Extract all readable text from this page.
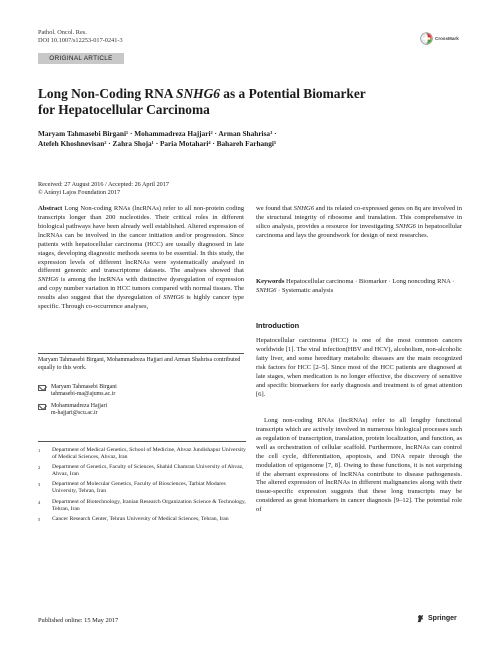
Pathol. Oncol. Res.
DOI 10.1007/s12253-017-0241-3	CrossMark
ORIGINAL ARTICLE
Long Non-Coding RNA SNHG6 as a Potential Biomarker
for Hepatocellular Carcinoma
Maryam Tahmasebi Birgani¹ · Mohammadreza Hajjari² · Arman Shahrisa³ ·
Atefeh Khoshnevisan² · Zahra Shoja¹ · Paria Motahari⁴ · Bahareh Farhangi⁵
Received: 27 August 2016 / Accepted: 26 April 2017
© Arányi Lajos Foundation 2017
Abstract Long Non-coding RNAs (lncRNAs) refer to all non-protein coding transcripts longer than 200 nucleotides. Their critical roles in different biological pathways have been already well established. Altered expression of lncRNAs can be involved in the cancer initiation and/or progression. Since patients with hepatocellular carcinoma (HCC) are usually diagnosed in late stages, developing diagnostic methods seems to be essential. In this study, the expression levels of different lncRNAs were systematically analysed in different genomic and transcriptome datasets. The analyses showed that SNHG6 is among the lncRNAs with distinctive dysregulation of expression and copy number variation in HCC tumors compared with normal tissues. The results also suggest that the dysregulation of SNHG6 is highly cancer type specific. Through co-occurrence analyses,
Maryam Tahmasebi Birgani, Mohammadreza Hajjari and Arman Shahrisa contributed equally to this work.
Maryam Tahmasebi Birgani
tahmasebi-ma@ajums.ac.ir
Mohammadreza Hajjari
m-hajjari@scu.ac.ir
1	Department of Medical Genetics, School of Medicine, Ahvaz Jundishapur University of Medical Sciences, Ahvaz, Iran
2	Department of Genetics, Faculty of Sciences, Shahid Chamran University of Ahvaz, Ahvaz, Iran
3	Department of Molecular Genetics, Faculty of Biosciences, Tarbiat Modares University, Tehran, Iran
4	Department of Biotechnology, Iranian Research Organization Science & Technology, Tehran, Iran
5	Cancer Research Center, Tehran University of Medical Sciences, Tehran, Iran
we found that SNHG6 and its related co-expressed genes on 8q are involved in the structural integrity of ribosome and translation. This comprehensive in silico analysis, provides a resource for investigating SNHG6 in hepatocellular carcinoma and lays the groundwork for design of next researches.
Keywords Hepatocellular carcinoma · Biomarker · Long noncoding RNA · SNHG6 · Systematic analysis
Introduction
Hepatocellular carcinoma (HCC) is one of the most common cancers worldwide [1]. The viral infection(HBV and HCV), alcoholism, non-alcoholic fatty liver, and some hereditary metabolic diseases are the main recognized risk factors for HCC [2–5]. Since most of the HCC patients are diagnosed at late stages, when medication is no longer effective, the discovery of sensitive and specific biomarkers for early diagnosis and treatment is of great attention [6].
Long non-coding RNAs (lncRNAs) refer to all lengthy functional transcripts which are actively involved in numerous biological processes such as regulation of transcription, translation, protein localization, and function, as well as orchestration of cellular scaffold. Furthermore, lncRNAs can control the cell cycle, differentiation, apoptosis, and DNA repair through the modulation of epigenome [7, 8]. Owing to these functions, it is not surprising if the aberrant expressions of lncRNAs contribute to disease pathogenesis. The altered expression of lncRNAs in different malignancies along with their tissue-specific expression suggests that these long transcripts may be considered as great biomarkers in cancer diagnosis [9–12]. The potential role of
Published online: 15 May 2017	Springer
